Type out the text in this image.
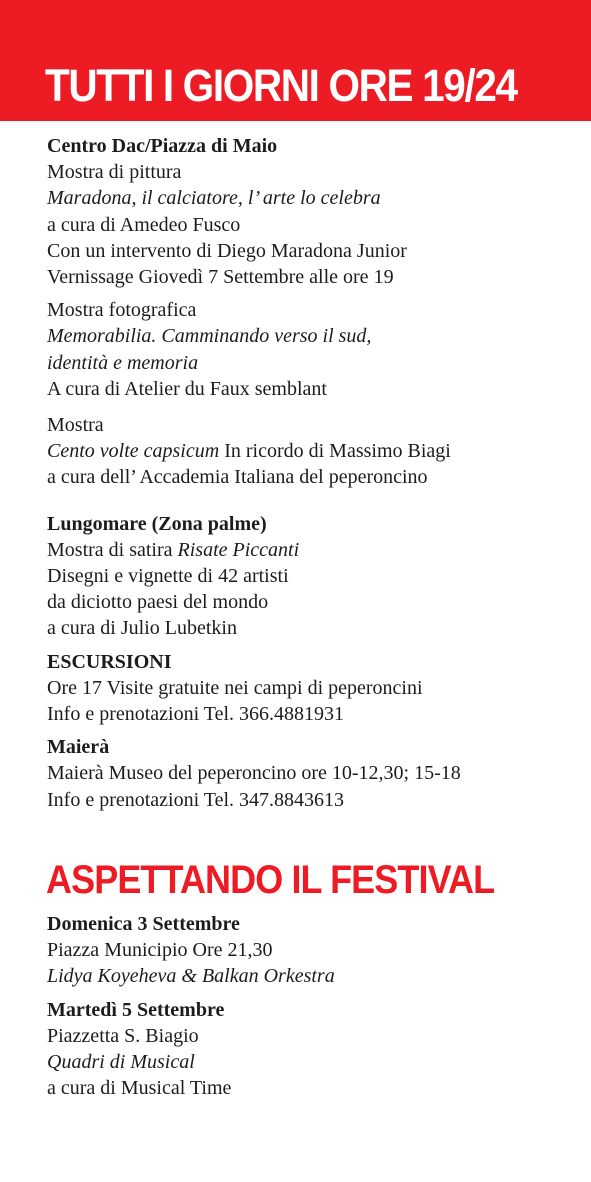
TUTTI I GIORNI ORE 19/24
Centro Dac/Piazza di Maio
Mostra di pittura
Maradona, il calciatore, l’ arte lo celebra
a cura di Amedeo Fusco
Con un intervento di Diego Maradona Junior
Vernissage Giovedì 7 Settembre alle ore 19
Mostra fotografica
Memorabilia. Camminando verso il sud,
identità e memoria
A cura di Atelier du Faux semblant
Mostra
Cento volte capsicum In ricordo di Massimo Biagi
a cura dell’ Accademia Italiana del peperoncino
Lungomare (Zona palme)
Mostra di satira Risate Piccanti
Disegni e vignette di 42 artisti
da diciotto paesi del mondo
a cura di Julio Lubetkin
ESCURSIONI
Ore 17 Visite gratuite nei campi di peperoncini
Info e prenotazioni Tel. 366.4881931
Maierà
Maierà Museo del peperoncino ore 10-12,30; 15-18
Info e prenotazioni Tel. 347.8843613
ASPETTANDO IL FESTIVAL
Domenica 3 Settembre
Piazza Municipio Ore 21,30
Lidya Koyeheva & Balkan Orkestra
Martedì 5 Settembre
Piazzetta S. Biagio
Quadri di Musical
a cura di Musical Time
